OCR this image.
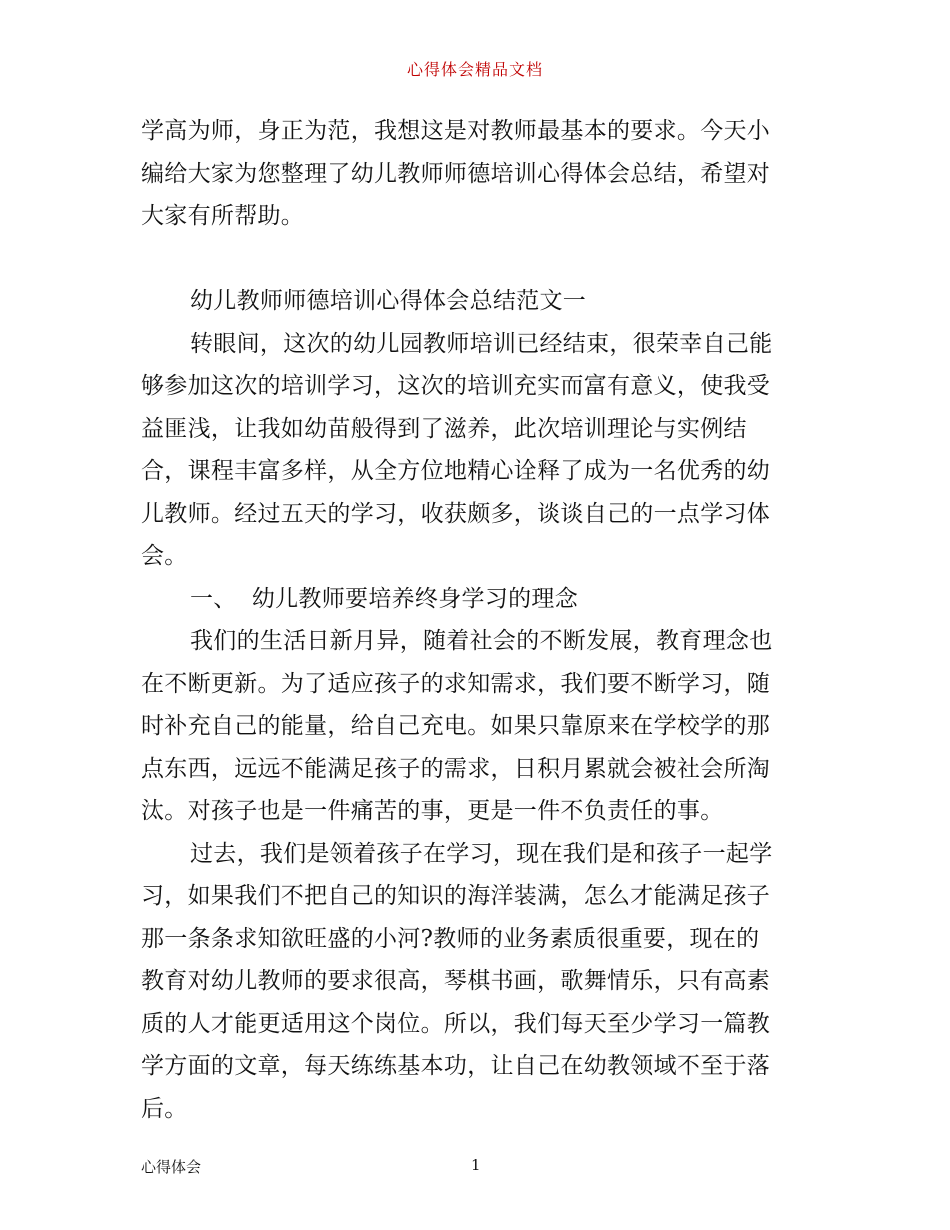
心得体会精品文档
学高为师，身正为范，我想这是对教师最基本的要求。今天小
编给大家为您整理了幼儿教师师德培训心得体会总结，希望对
大家有所帮助。
幼儿教师师德培训心得体会总结范文一
转眼间，这次的幼儿园教师培训已经结束，很荣幸自己能
够参加这次的培训学习，这次的培训充实而富有意义，使我受
益匪浅，让我如幼苗般得到了滋养，此次培训理论与实例结
合，课程丰富多样，从全方位地精心诠释了成为一名优秀的幼
儿教师。经过五天的学习，收获颇多，谈谈自己的一点学习体
会。
一、  幼儿教师要培养终身学习的理念
我们的生活日新月异，随着社会的不断发展，教育理念也
在不断更新。为了适应孩子的求知需求，我们要不断学习，随
时补充自己的能量，给自己充电。如果只靠原来在学校学的那
点东西，远远不能满足孩子的需求，日积月累就会被社会所淘
汰。对孩子也是一件痛苦的事，更是一件不负责任的事。
过去，我们是领着孩子在学习，现在我们是和孩子一起学
习，如果我们不把自己的知识的海洋装满，怎么才能满足孩子
那一条条求知欲旺盛的小河?教师的业务素质很重要，现在的
教育对幼儿教师的要求很高，琴棋书画，歌舞情乐，只有高素
质的人才能更适用这个岗位。所以，我们每天至少学习一篇教
学方面的文章，每天练练基本功，让自己在幼教领域不至于落
后。
心得体会	1
